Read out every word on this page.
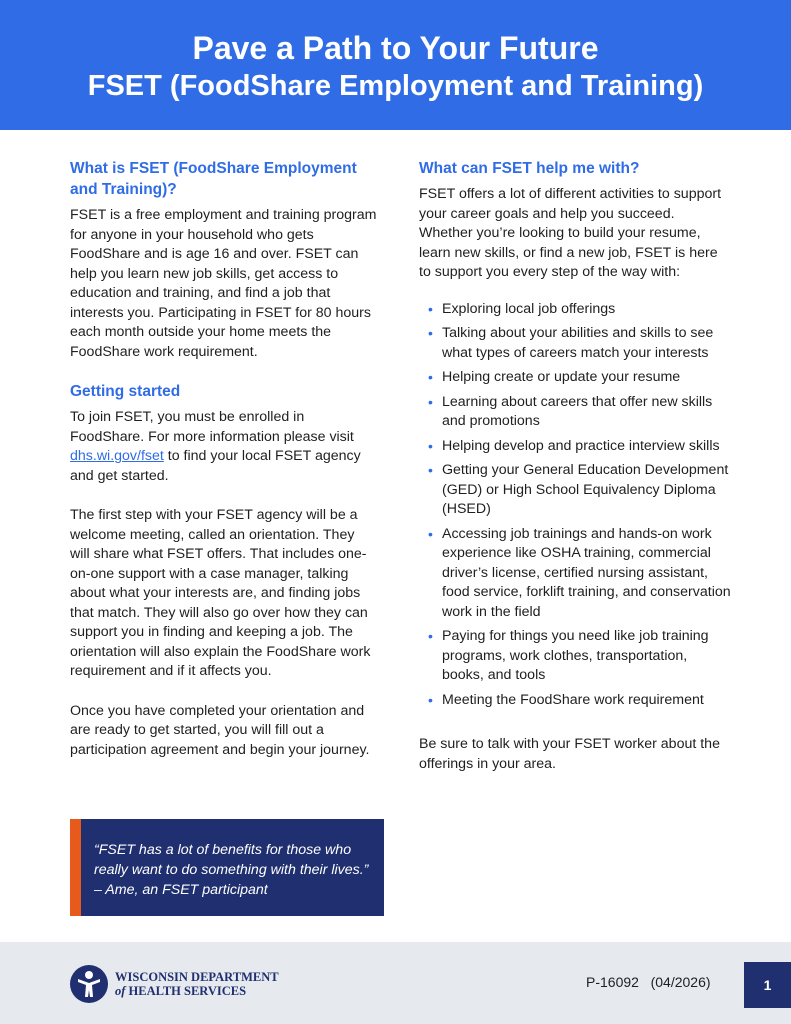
Pave a Path to Your Future
FSET (FoodShare Employment and Training)
What is FSET (FoodShare Employment and Training)?

FSET is a free employment and training program for anyone in your household who gets FoodShare and is age 16 and over. FSET can help you learn new job skills, get access to education and training, and find a job that interests you. Participating in FSET for 80 hours each month outside your home meets the FoodShare work requirement.

Getting started

To join FSET, you must be enrolled in FoodShare. For more information please visit dhs.wi.gov/fset to find your local FSET agency and get started.

The first step with your FSET agency will be a welcome meeting, called an orientation. They will share what FSET offers. That includes one-on-one support with a case manager, talking about what your interests are, and finding jobs that match. They will also go over how they can support you in finding and keeping a job. The orientation will also explain the FoodShare work requirement and if it affects you.

Once you have completed your orientation and are ready to get started, you will fill out a participation agreement and begin your journey.

“FSET has a lot of benefits for those who really want to do something with their lives.” – Ame, an FSET participant
What can FSET help me with?

FSET offers a lot of different activities to support your career goals and help you succeed. Whether you’re looking to build your resume, learn new skills, or find a new job, FSET is here to support you every step of the way with:

• Exploring local job offerings
• Talking about your abilities and skills to see what types of careers match your interests
• Helping create or update your resume
• Learning about careers that offer new skills and promotions
• Helping develop and practice interview skills
• Getting your General Education Development (GED) or High School Equivalency Diploma (HSED)
• Accessing job trainings and hands-on work experience like OSHA training, commercial driver’s license, certified nursing assistant, food service, forklift training, and conservation work in the field
• Paying for things you need like job training programs, work clothes, transportation, books, and tools
• Meeting the FoodShare work requirement

Be sure to talk with your FSET worker about the offerings in your area.

WISCONSIN DEPARTMENT
of HEALTH SERVICES
P-16092   (04/2026)	1
